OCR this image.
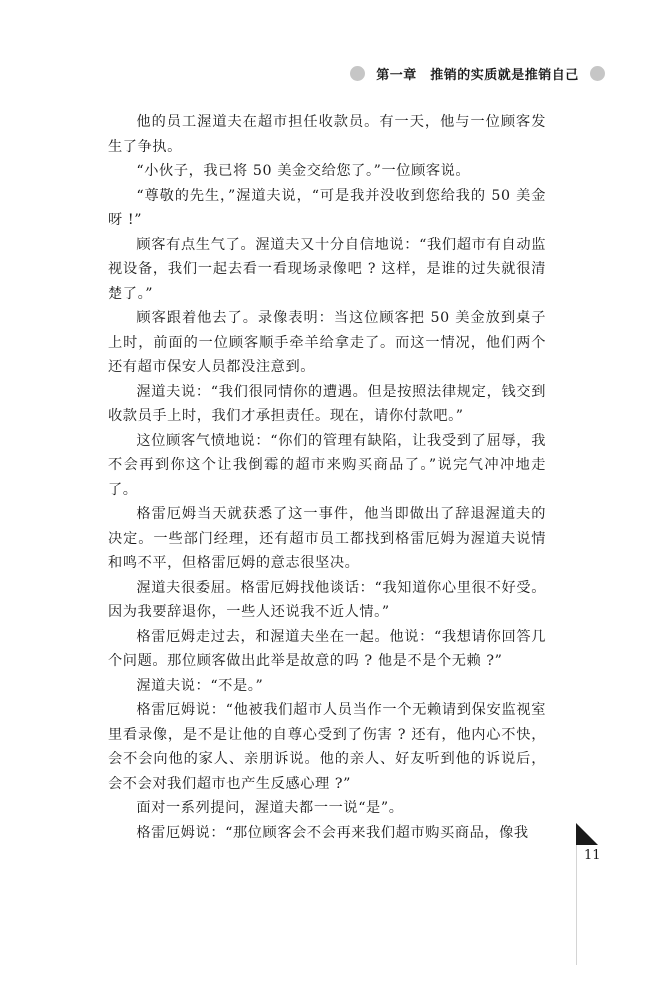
第一章　推销的实质就是推销自己

他的员工渥道夫在超市担任收款员。有一天，他与一位顾客发生了争执。

“小伙子，我已将 50 美金交给您了。”一位顾客说。

“尊敬的先生，”渥道夫说，“可是我并没收到您给我的 50 美金呀 !”

顾客有点生气了。渥道夫又十分自信地说：“我们超市有自动监视设备，我们一起去看一看现场录像吧 ? 这样，是谁的过失就很清楚了。”

顾客跟着他去了。录像表明：当这位顾客把 50 美金放到桌子上时，前面的一位顾客顺手牵羊给拿走了。而这一情况，他们两个还有超市保安人员都没注意到。

渥道夫说：“我们很同情你的遭遇。但是按照法律规定，钱交到收款员手上时，我们才承担责任。现在，请你付款吧。”

这位顾客气愤地说：“你们的管理有缺陷，让我受到了屈辱，我不会再到你这个让我倒霉的超市来购买商品了。”说完气冲冲地走了。

格雷厄姆当天就获悉了这一事件，他当即做出了辞退渥道夫的决定。一些部门经理，还有超市员工都找到格雷厄姆为渥道夫说情和鸣不平，但格雷厄姆的意志很坚决。

渥道夫很委屈。格雷厄姆找他谈话：“我知道你心里很不好受。因为我要辞退你，一些人还说我不近人情。”

格雷厄姆走过去，和渥道夫坐在一起。他说：“我想请你回答几个问题。那位顾客做出此举是故意的吗 ? 他是不是个无赖 ?”

渥道夫说：“不是。”

格雷厄姆说：“他被我们超市人员当作一个无赖请到保安监视室里看录像，是不是让他的自尊心受到了伤害 ? 还有，他内心不快，会不会向他的家人、亲朋诉说。他的亲人、好友听到他的诉说后，会不会对我们超市也产生反感心理 ?”

面对一系列提问，渥道夫都一一说“是”。

格雷厄姆说：“那位顾客会不会再来我们超市购买商品，像我

11
